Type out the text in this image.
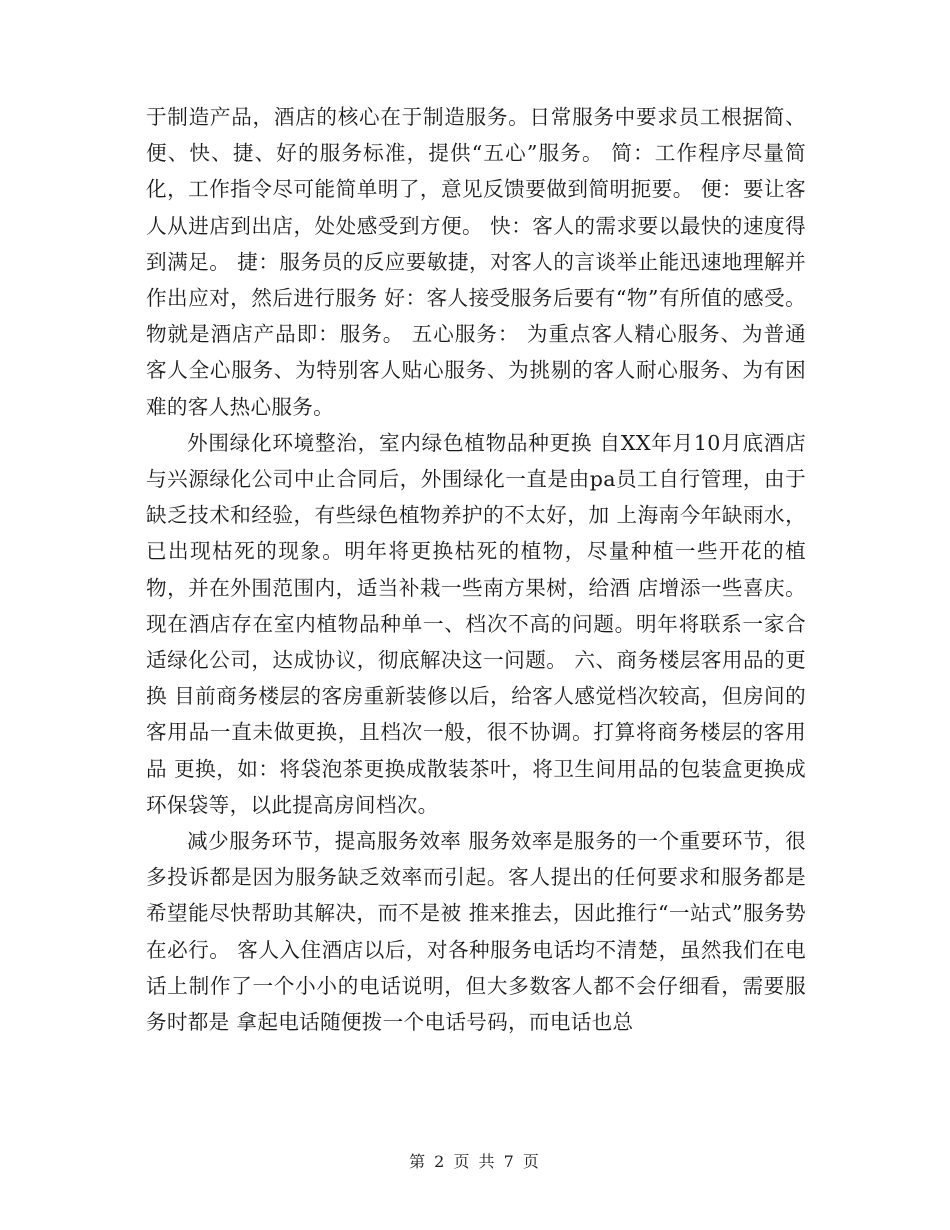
于制造产品，酒店的核心在于制造服务。日常服务中要求员工根据简、便、快、捷、好的服务标准，提供“五心”服务。 简：工作程序尽量简化，工作指令尽可能简单明了，意见反馈要做到简明扼要。 便：要让客人从进店到出店，处处感受到方便。 快：客人的需求要以最快的速度得到满足。 捷：服务员的反应要敏捷，对客人的言谈举止能迅速地理解并作出应对，然后进行服务 好：客人接受服务后要有“物”有所值的感受。物就是酒店产品即：服务。 五心服务： 为重点客人精心服务、为普通客人全心服务、为特别客人贴心服务、为挑剔的客人耐心服务、为有困难的客人热心服务。

外围绿化环境整治，室内绿色植物品种更换 自XX年月10月底酒店与兴源绿化公司中止合同后，外围绿化一直是由pa员工自行管理，由于缺乏技术和经验，有些绿色植物养护的不太好，加 上海南今年缺雨水，已出现枯死的现象。明年将更换枯死的植物，尽量种植一些开花的植物，并在外围范围内，适当补栽一些南方果树，给酒 店增添一些喜庆。 现在酒店存在室内植物品种单一、档次不高的问题。明年将联系一家合适绿化公司，达成协议，彻底解决这一问题。 六、商务楼层客用品的更换 目前商务楼层的客房重新装修以后，给客人感觉档次较高，但房间的客用品一直未做更换，且档次一般，很不协调。打算将商务楼层的客用品 更换，如：将袋泡茶更换成散装茶叶，将卫生间用品的包装盒更换成环保袋等，以此提高房间档次。

减少服务环节，提高服务效率 服务效率是服务的一个重要环节，很多投诉都是因为服务缺乏效率而引起。客人提出的任何要求和服务都是希望能尽快帮助其解决，而不是被 推来推去，因此推行“一站式”服务势在必行。 客人入住酒店以后，对各种服务电话均不清楚，虽然我们在电话上制作了一个小小的电话说明，但大多数客人都不会仔细看，需要服务时都是 拿起电话随便拨一个电话号码，而电话也总

第 2 页 共 7 页
